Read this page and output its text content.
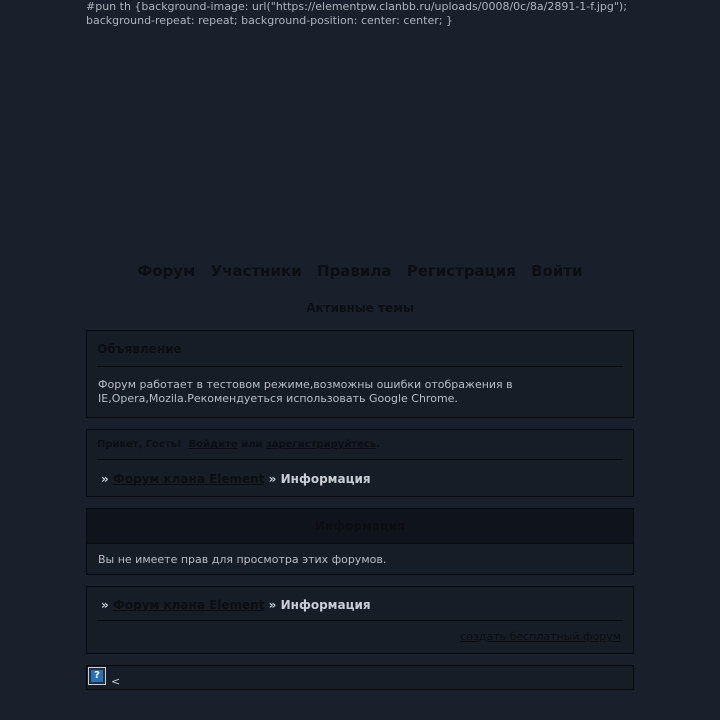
#pun th {background-image: url("https://elementpw.clanbb.ru/uploads/0008/0c/8a/2891-1-f.jpg"); background-repeat: repeat; background-position: center: center; }
Форум Участники Правила Регистрация Войти
Активные темы
Объявление
Форум работает в тестовом режиме,возможны ошибки отображения в IE,Opera,Mozila.Рекомендуеться использовать Google Chrome.
Привет, Гость! Войдите или зарегистрируйтесь.
» Форум клана Element » Информация
Информация
Вы не имеете прав для просмотра этих форумов.
» Форум клана Element » Информация
создать бесплатный форум
? <
